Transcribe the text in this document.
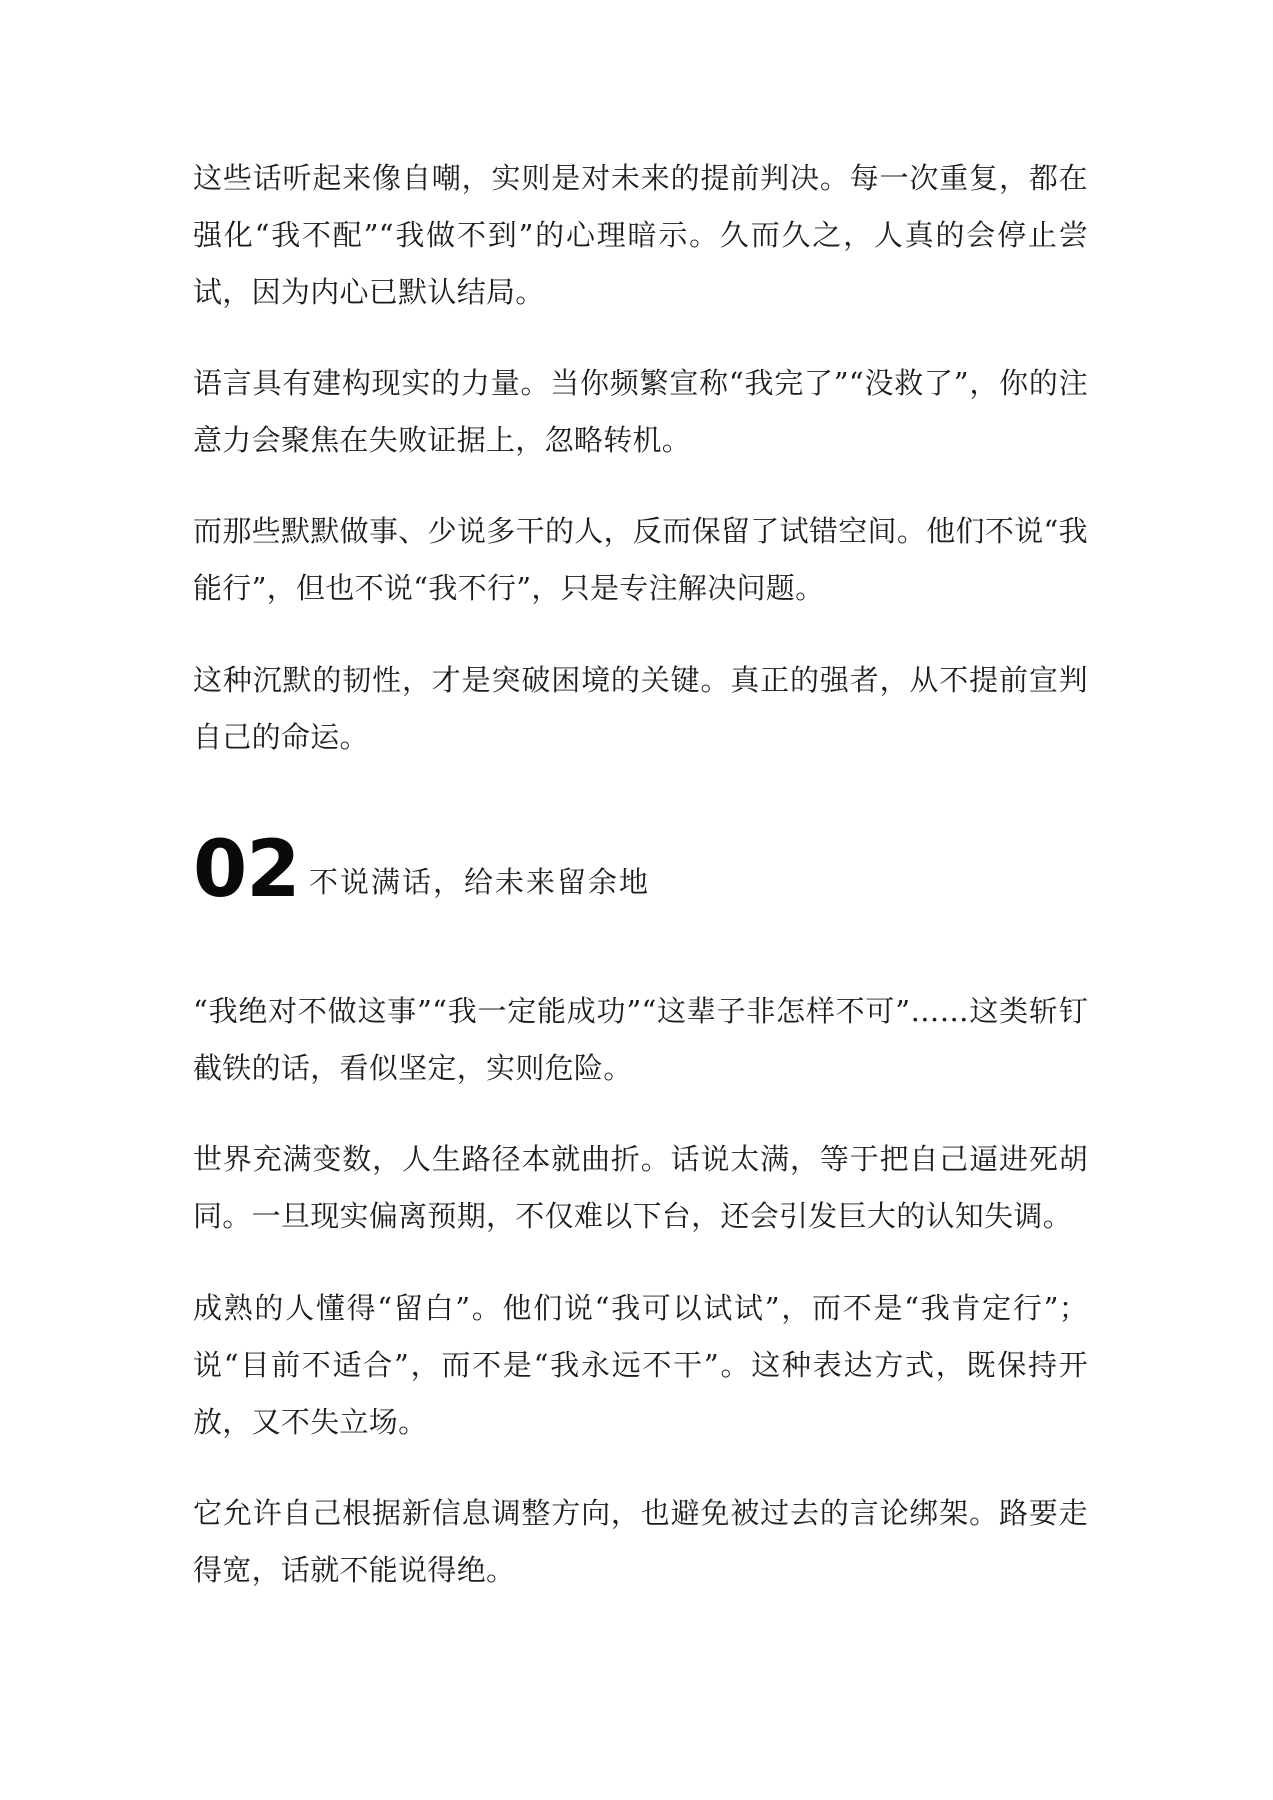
这些话听起来像自嘲，实则是对未来的提前判决。每一次重复，都在强化“我不配”“我做不到”的心理暗示。久而久之，人真的会停止尝试，因为内心已默认结局。

语言具有建构现实的力量。当你频繁宣称“我完了”“没救了”，你的注意力会聚焦在失败证据上，忽略转机。

而那些默默做事、少说多干的人，反而保留了试错空间。他们不说“我能行”，但也不说“我不行”，只是专注解决问题。

这种沉默的韧性，才是突破困境的关键。真正的强者，从不提前宣判自己的命运。

02 不说满话，给未来留余地

“我绝对不做这事”“我一定能成功”“这辈子非怎样不可”……这类斩钉截铁的话，看似坚定，实则危险。

世界充满变数，人生路径本就曲折。话说太满，等于把自己逼进死胡同。一旦现实偏离预期，不仅难以下台，还会引发巨大的认知失调。

成熟的人懂得“留白”。他们说“我可以试试”，而不是“我肯定行”；说“目前不适合”，而不是“我永远不干”。这种表达方式，既保持开放，又不失立场。

它允许自己根据新信息调整方向，也避免被过去的言论绑架。路要走得宽，话就不能说得绝。
